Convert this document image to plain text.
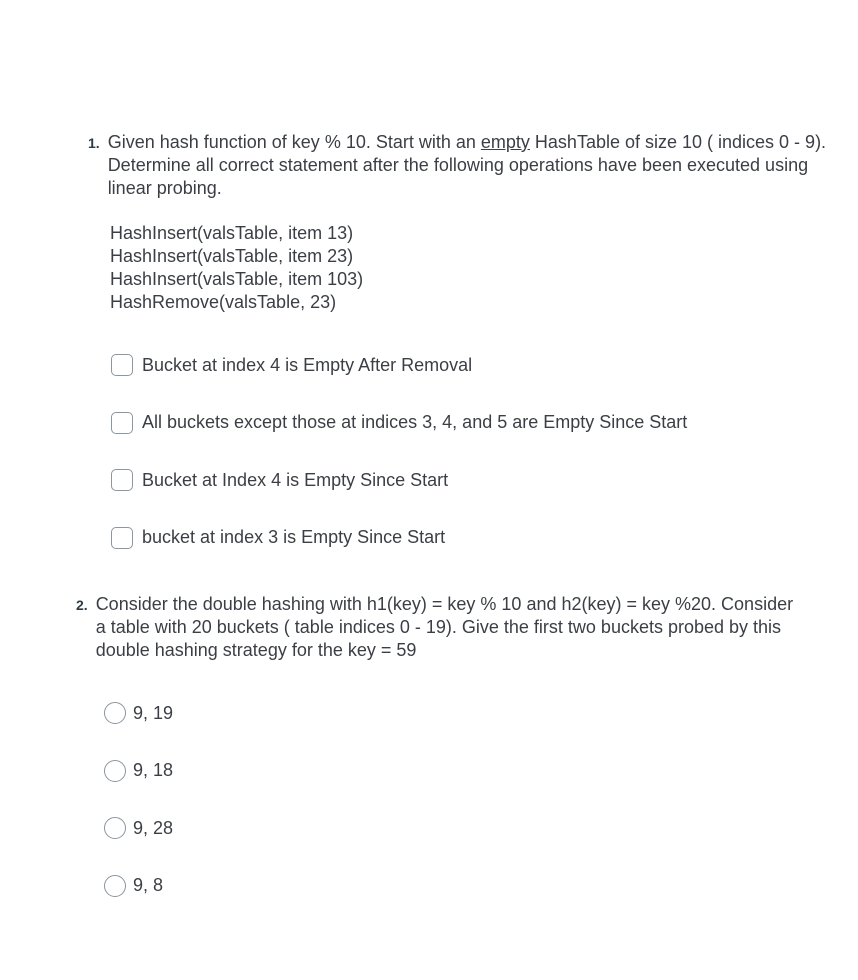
1. Given hash function of key % 10. Start with an empty HashTable of size 10 ( indices 0 - 9). Determine all correct statement after the following operations have been executed using linear probing.
HashInsert(valsTable, item 13)
HashInsert(valsTable, item 23)
HashInsert(valsTable, item 103)
HashRemove(valsTable, 23)
Bucket at index 4 is Empty After Removal
All buckets except those at indices 3, 4, and 5 are Empty Since Start
Bucket at Index 4 is Empty Since Start
bucket at index 3 is Empty Since Start
2. Consider the double hashing with h1(key) = key % 10 and h2(key) = key %20. Consider a table with 20 buckets ( table indices 0 - 19). Give the first two buckets probed by this double hashing strategy for the key = 59
9, 19
9, 18
9, 28
9, 8
